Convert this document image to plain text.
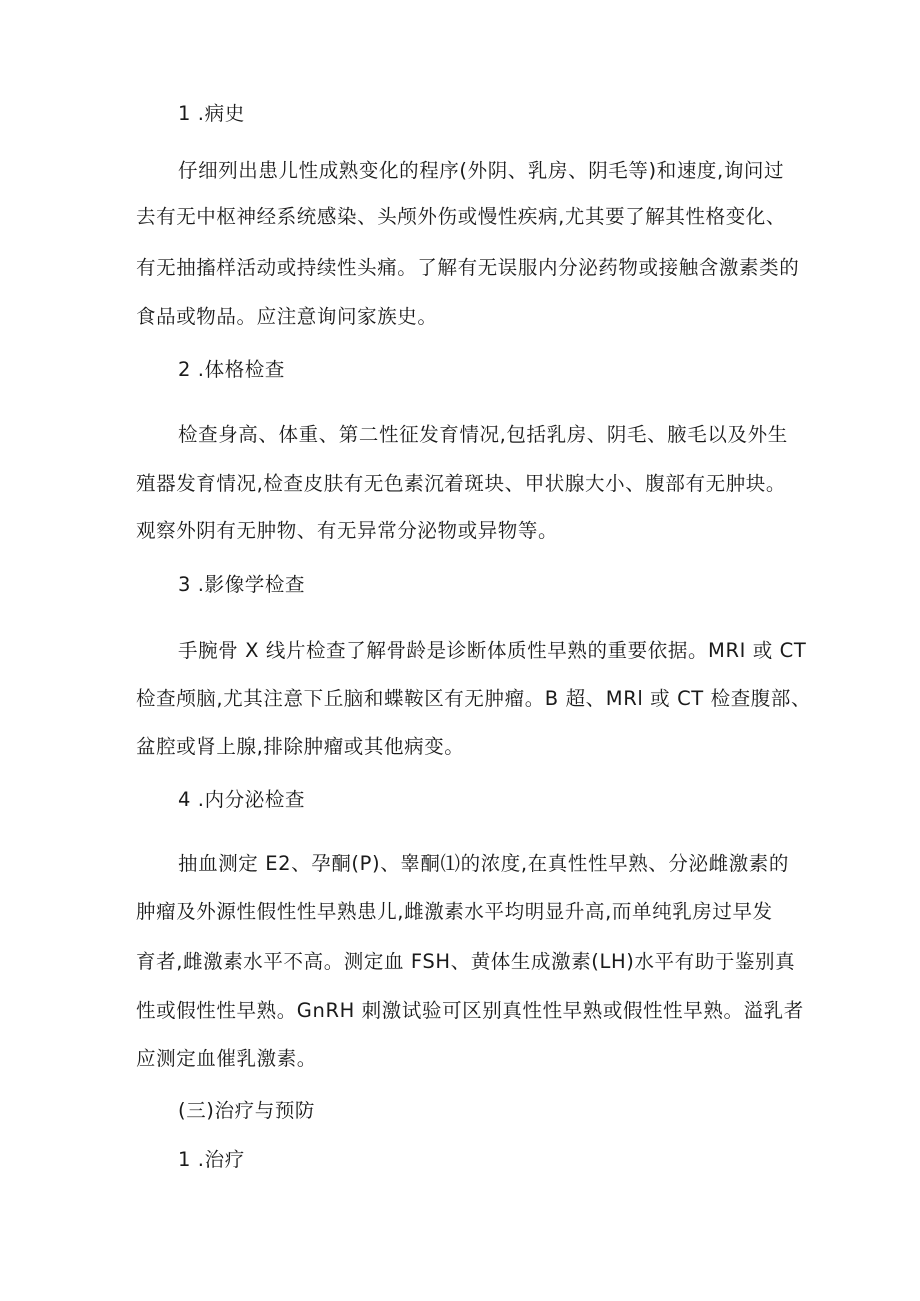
1 .病史
仔细列出患儿性成熟变化的程序(外阴、乳房、阴毛等)和速度,询问过
去有无中枢神经系统感染、头颅外伤或慢性疾病,尤其要了解其性格变化、
有无抽搐样活动或持续性头痛。了解有无误服内分泌药物或接触含激素类的
食品或物品。应注意询问家族史。
2 .体格检查
检查身高、体重、第二性征发育情况,包括乳房、阴毛、腋毛以及外生
殖器发育情况,检查皮肤有无色素沉着斑块、甲状腺大小、腹部有无肿块。
观察外阴有无肿物、有无异常分泌物或异物等。
3 .影像学检查
手腕骨 X 线片检查了解骨龄是诊断体质性早熟的重要依据。MRI 或 CT
检查颅脑,尤其注意下丘脑和蝶鞍区有无肿瘤。B 超、MRl 或 CT 检查腹部、
盆腔或肾上腺,排除肿瘤或其他病变。
4 .内分泌检查
抽血测定 E2、孕酮(P)、睾酮⑴的浓度,在真性性早熟、分泌雌激素的
肿瘤及外源性假性性早熟患儿,雌激素水平均明显升高,而单纯乳房过早发
育者,雌激素水平不高。测定血 FSH、黄体生成激素(LH)水平有助于鉴别真
性或假性性早熟。GnRH 刺激试验可区别真性性早熟或假性性早熟。溢乳者
应测定血催乳激素。
(三)治疗与预防
1 .治疗
